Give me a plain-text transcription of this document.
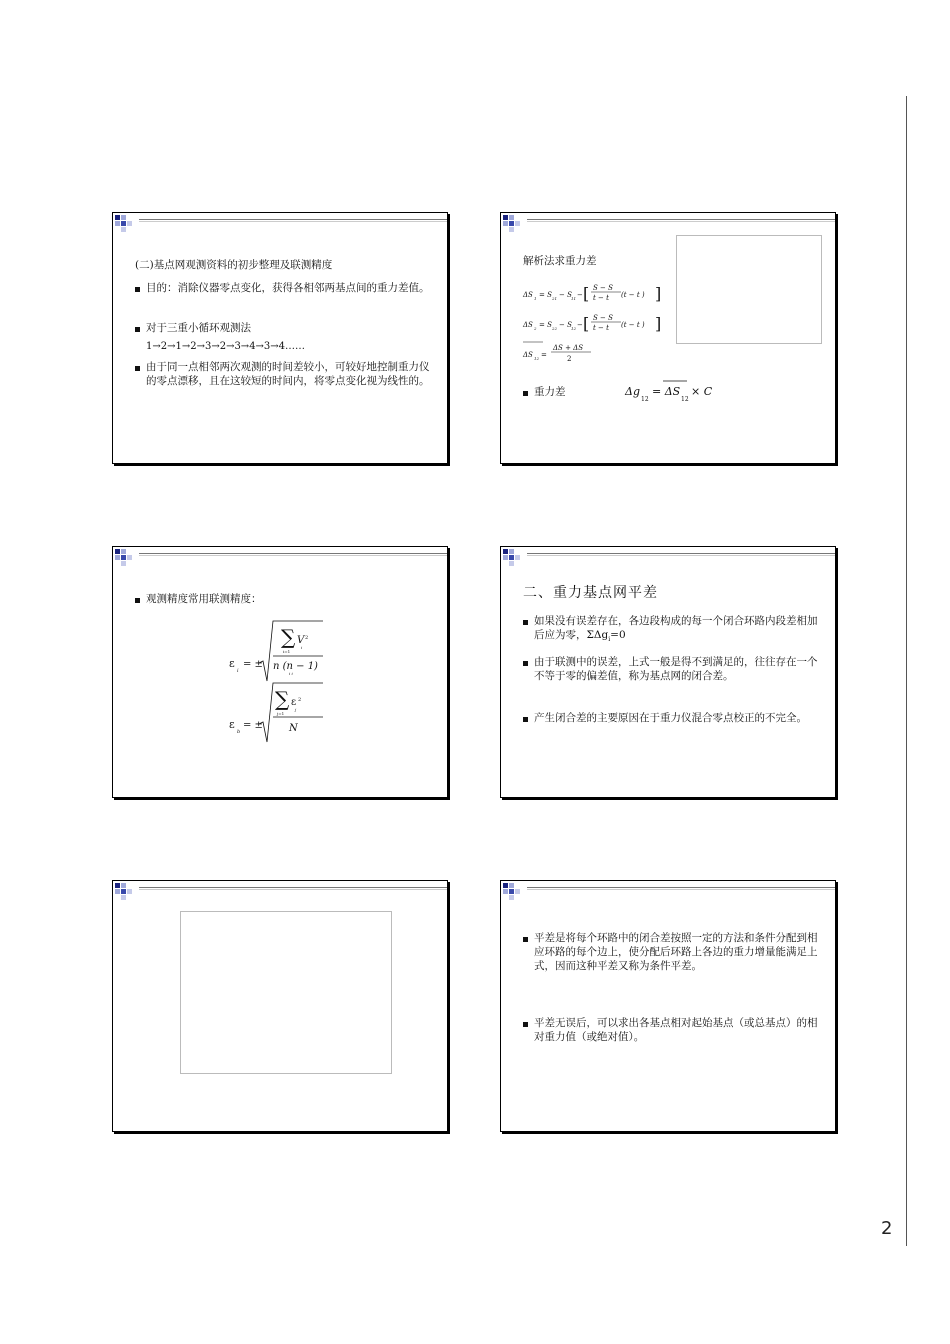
(二)基点网观测资料的初步整理及联测精度
目的：消除仪器零点变化，获得各相邻两基点间的重力差值。
对于三重小循环观测法
1→2→1→2→3→2→3→4→3→4……
由于同一点相邻两次观测的时间差较小，可较好地控制重力仪的零点漂移，且在这较短的时间内，将零点变化视为线性的。
解析法求重力差
ΔS 1 = S 21 − S 11 − [ S − S
t − t (t − t ) ]
ΔS 2 = S 22 − S 12 − [ S − S
t − t (t − t ) ]
ΔS 12 =
ΔS + ΔS
2
重力差	Δg
12
= ΔS
12
× C
观测精度常用联测精度：
ε
i
= ±
∑ V 2
i
i=1
n (n − 1)
i i
ε
b
= ±
∑ ε 2
j
j=1
N
二、重力基点网平差
如果没有误差存在，各边段构成的每一个闭合环路内段差相加后应为零，ΣΔg$_i$=0
由于联测中的误差，上式一般是得不到满足的，往往存在一个不等于零的偏差值，称为基点网的闭合差。
产生闭合差的主要原因在于重力仪混合零点校正的不完全。
平差是将每个环路中的闭合差按照一定的方法和条件分配到相应环路的每个边上，使分配后环路上各边的重力增量能满足上式，因而这种平差又称为条件平差。
平差无误后，可以求出各基点相对起始基点（或总基点）的相对重力值（或绝对值）。
2
